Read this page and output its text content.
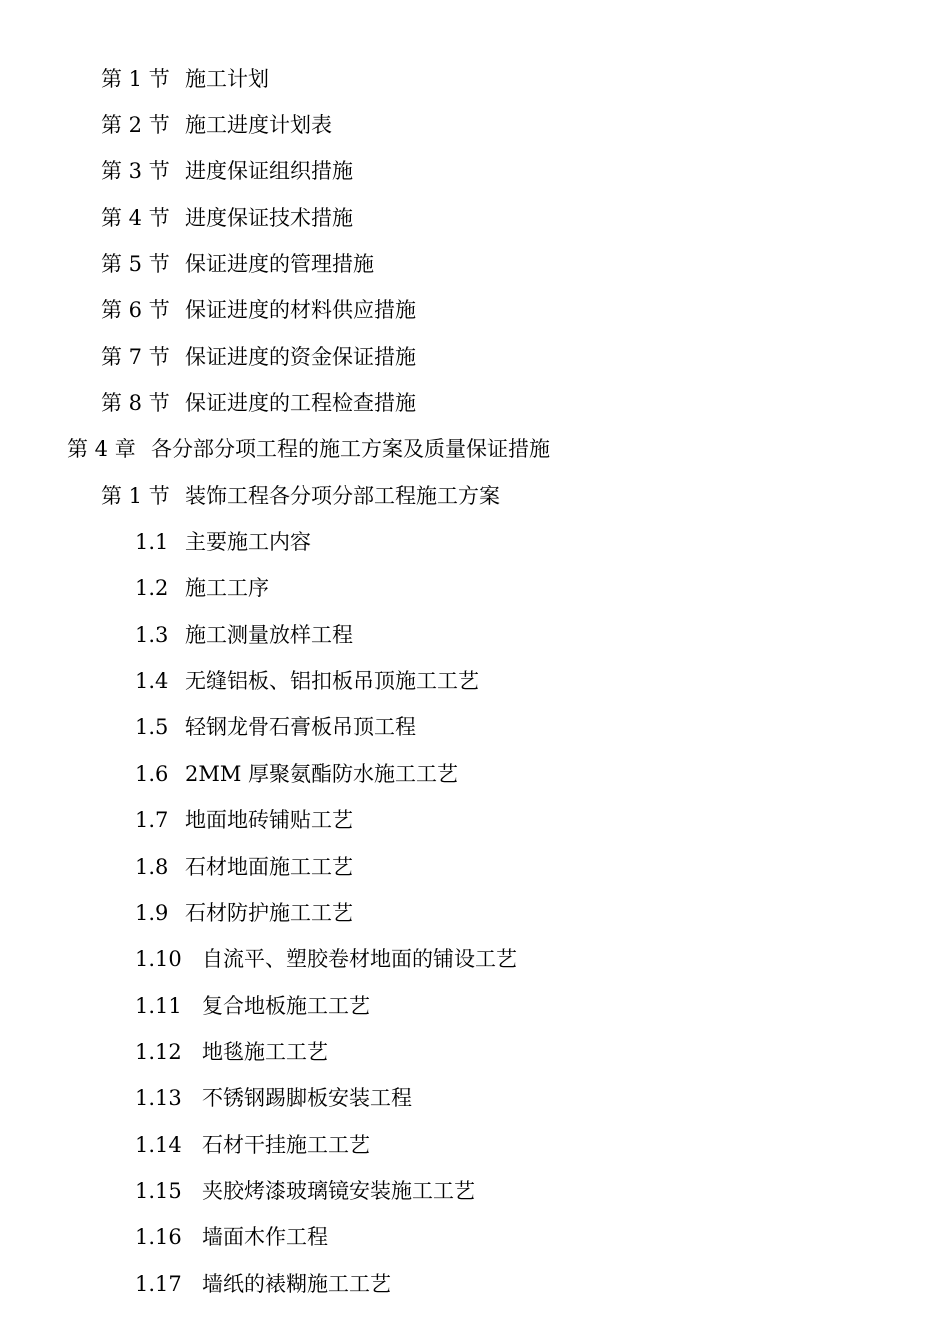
第 1 节 施工计划
第 2 节 施工进度计划表
第 3 节 进度保证组织措施
第 4 节 进度保证技术措施
第 5 节 保证进度的管理措施
第 6 节 保证进度的材料供应措施
第 7 节 保证进度的资金保证措施
第 8 节 保证进度的工程检查措施
第 4 章 各分部分项工程的施工方案及质量保证措施
第 1 节 装饰工程各分项分部工程施工方案
1.1 主要施工内容
1.2 施工工序
1.3 施工测量放样工程
1.4 无缝铝板、铝扣板吊顶施工工艺
1.5 轻钢龙骨石膏板吊顶工程
1.6 2MM 厚聚氨酯防水施工工艺
1.7 地面地砖铺贴工艺
1.8 石材地面施工工艺
1.9 石材防护施工工艺
1.10 自流平、塑胶卷材地面的铺设工艺
1.11 复合地板施工工艺
1.12 地毯施工工艺
1.13 不锈钢踢脚板安装工程
1.14 石材干挂施工工艺
1.15 夹胶烤漆玻璃镜安装施工工艺
1.16 墙面木作工程
1.17 墙纸的裱糊施工工艺
